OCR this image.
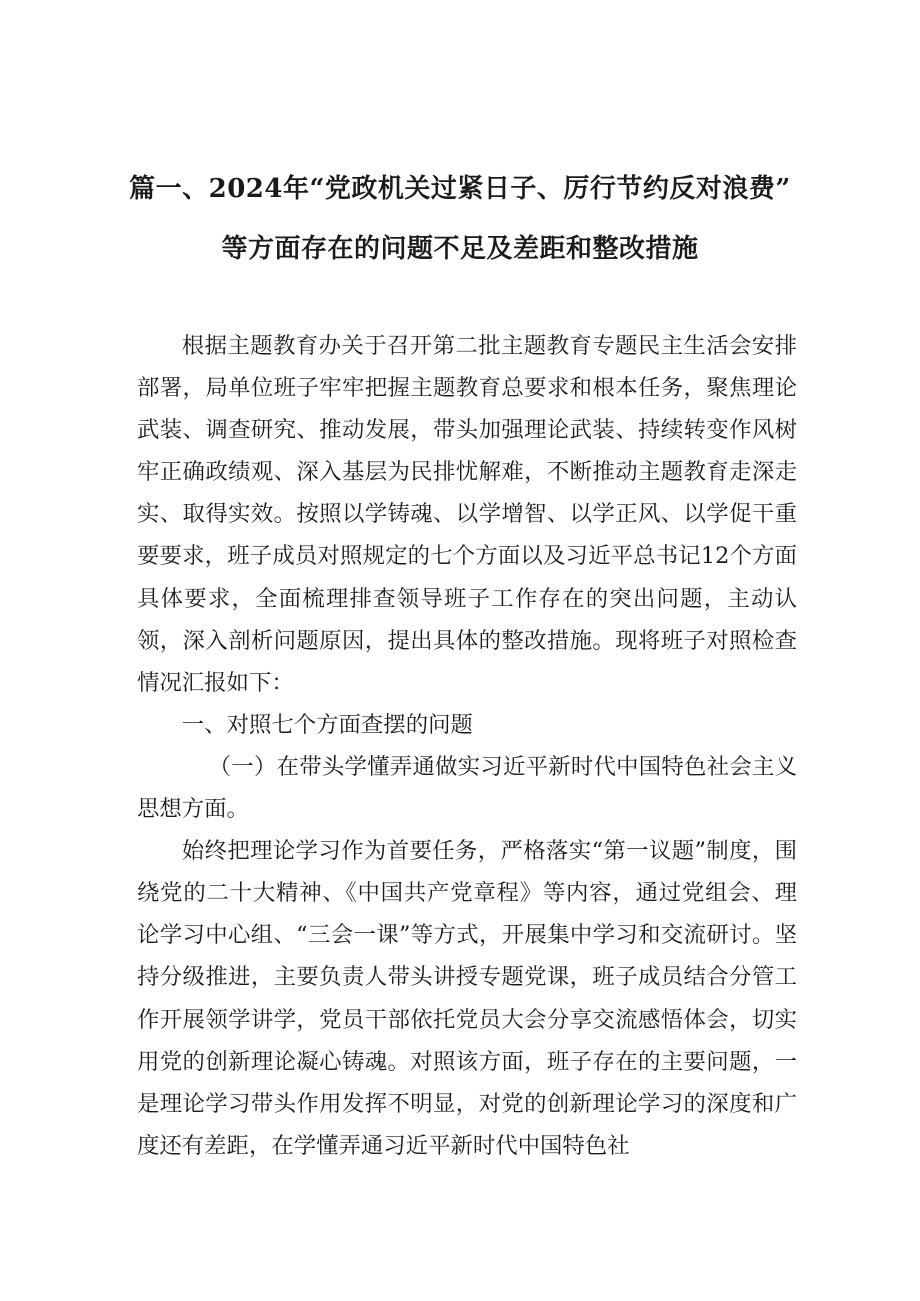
篇一、2024年“党政机关过紧日子、厉行节约反对浪费”
等方面存在的问题不足及差距和整改措施

根据主题教育办关于召开第二批主题教育专题民主生活会安排部署，局单位班子牢牢把握主题教育总要求和根本任务，聚焦理论武装、调查研究、推动发展，带头加强理论武装、持续转变作风树牢正确政绩观、深入基层为民排忧解难，不断推动主题教育走深走实、取得实效。按照以学铸魂、以学增智、以学正风、以学促干重要要求，班子成员对照规定的七个方面以及习近平总书记12个方面具体要求，全面梳理排查领导班子工作存在的突出问题，主动认领，深入剖析问题原因，提出具体的整改措施。现将班子对照检查情况汇报如下：

一、对照七个方面查摆的问题

（一）在带头学懂弄通做实习近平新时代中国特色社会主义思想方面。

始终把理论学习作为首要任务，严格落实“第一议题”制度，围绕党的二十大精神、《中国共产党章程》等内容，通过党组会、理论学习中心组、“三会一课”等方式，开展集中学习和交流研讨。坚持分级推进，主要负责人带头讲授专题党课，班子成员结合分管工作开展领学讲学，党员干部依托党员大会分享交流感悟体会，切实用党的创新理论凝心铸魂。对照该方面，班子存在的主要问题，一是理论学习带头作用发挥不明显，对党的创新理论学习的深度和广度还有差距，在学懂弄通习近平新时代中国特色社
